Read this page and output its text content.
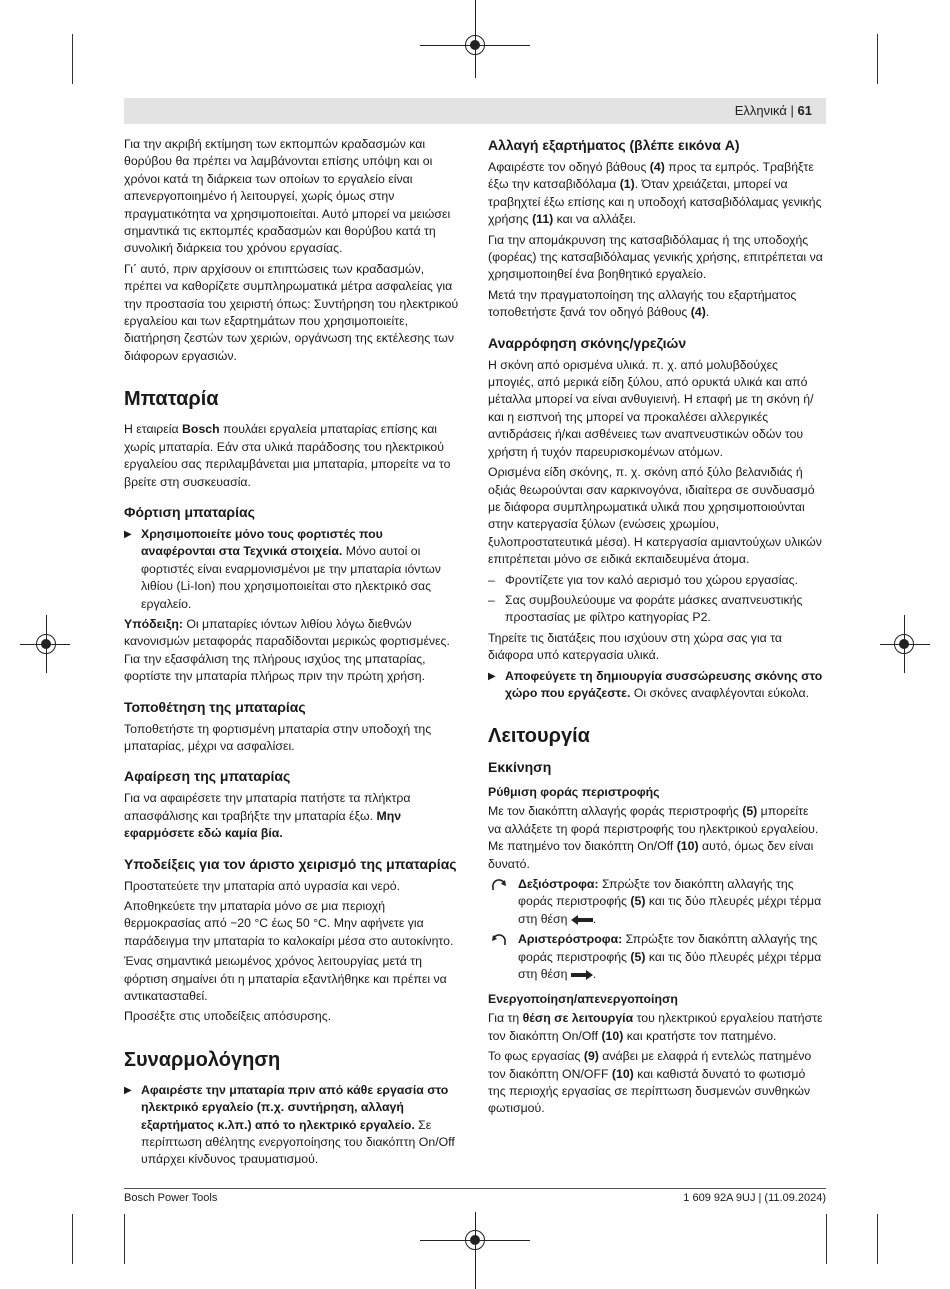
Ελληνικά | 61

Για την ακριβή εκτίμηση των εκπομπών κραδασμών και θορύβου θα πρέπει να λαμβάνονται επίσης υπόψη και οι χρόνοι κατά τη διάρκεια των οποίων το εργαλείο είναι απενεργοποιημένο ή λειτουργεί, χωρίς όμως στην πραγματικότητα να χρησιμοποιείται. Αυτό μπορεί να μειώσει σημαντικά τις εκπομπές κραδασμών και θορύβου κατά τη συνολική διάρκεια του χρόνου εργασίας.

Γι΄ αυτό, πριν αρχίσουν οι επιπτώσεις των κραδασμών, πρέπει να καθορίζετε συμπληρωματικά μέτρα ασφαλείας για την προστασία του χειριστή όπως: Συντήρηση του ηλεκτρικού εργαλείου και των εξαρτημάτων που χρησιμοποιείτε, διατήρηση ζεστών των χεριών, οργάνωση της εκτέλεσης των διάφορων εργασιών.

Μπαταρία

Η εταιρεία Bosch πουλάει εργαλεία μπαταρίας επίσης και χωρίς μπαταρία. Εάν στα υλικά παράδοσης του ηλεκτρικού εργαλείου σας περιλαμβάνεται μια μπαταρία, μπορείτε να το βρείτε στη συσκευασία.

Φόρτιση μπαταρίας

▶ Χρησιμοποιείτε μόνο τους φορτιστές που αναφέρονται στα Τεχνικά στοιχεία. Μόνο αυτοί οι φορτιστές είναι εναρμονισμένοι με την μπαταρία ιόντων λιθίου (Li-Ion) που χρησιμοποιείται στο ηλεκτρικό σας εργαλείο.

Υπόδειξη: Οι μπαταρίες ιόντων λιθίου λόγω διεθνών κανονισμών μεταφοράς παραδίδονται μερικώς φορτισμένες. Για την εξασφάλιση της πλήρους ισχύος της μπαταρίας, φορτίστε την μπαταρία πλήρως πριν την πρώτη χρήση.

Τοποθέτηση της μπαταρίας

Τοποθετήστε τη φορτισμένη μπαταρία στην υποδοχή της μπαταρίας, μέχρι να ασφαλίσει.

Αφαίρεση της μπαταρίας

Για να αφαιρέσετε την μπαταρία πατήστε τα πλήκτρα απασφάλισης και τραβήξτε την μπαταρία έξω. Μην εφαρμόσετε εδώ καμία βία.

Υποδείξεις για τον άριστο χειρισμό της μπαταρίας

Προστατεύετε την μπαταρία από υγρασία και νερό.

Αποθηκεύετε την μπαταρία μόνο σε μια περιοχή θερμοκρασίας από −20 °C έως 50 °C. Μην αφήνετε για παράδειγμα την μπαταρία το καλοκαίρι μέσα στο αυτοκίνητο.

Ένας σημαντικά μειωμένος χρόνος λειτουργίας μετά τη φόρτιση σημαίνει ότι η μπαταρία εξαντλήθηκε και πρέπει να αντικατασταθεί.

Προσέξτε στις υποδείξεις απόσυρσης.

Συναρμολόγηση

▶ Αφαιρέστε την μπαταρία πριν από κάθε εργασία στο ηλεκτρικό εργαλείο (π.χ. συντήρηση, αλλαγή εξαρτήματος κ.λπ.) από το ηλεκτρικό εργαλείο. Σε περίπτωση αθέλητης ενεργοποίησης του διακόπτη On/Off υπάρχει κίνδυνος τραυματισμού.

Αλλαγή εξαρτήματος (βλέπε εικόνα A)

Αφαιρέστε τον οδηγό βάθους (4) προς τα εμπρός. Τραβήξτε έξω την κατσαβιδόλαμα (1). Όταν χρειάζεται, μπορεί να τραβηχτεί έξω επίσης και η υποδοχή κατσαβιδόλαμας γενικής χρήσης (11) και να αλλάξει.

Για την απομάκρυνση της κατσαβιδόλαμας ή της υποδοχής (φορέας) της κατσαβιδόλαμας γενικής χρήσης, επιτρέπεται να χρησιμοποιηθεί ένα βοηθητικό εργαλείο.

Μετά την πραγματοποίηση της αλλαγής του εξαρτήματος τοποθετήστε ξανά τον οδηγό βάθους (4).

Αναρρόφηση σκόνης/γρεζιών

Η σκόνη από ορισμένα υλικά. π. χ. από μολυβδούχες μπογιές, από μερικά είδη ξύλου, από ορυκτά υλικά και από μέταλλα μπορεί να είναι ανθυγιεινή. Η επαφή με τη σκόνη ή/και η εισπνοή της μπορεί να προκαλέσει αλλεργικές αντιδράσεις ή/και ασθένειες των αναπνευστικών οδών του χρήστη ή τυχόν παρευρισκομένων ατόμων.

Ορισμένα είδη σκόνης, π. χ. σκόνη από ξύλο βελανιδιάς ή οξιάς θεωρούνται σαν καρκινογόνα, ιδιαίτερα σε συνδυασμό με διάφορα συμπληρωματικά υλικά που χρησιμοποιούνται στην κατεργασία ξύλων (ενώσεις χρωμίου, ξυλοπροστατευτικά μέσα). Η κατεργασία αμιαντούχων υλικών επιτρέπεται μόνο σε ειδικά εκπαιδευμένα άτομα.

– Φροντίζετε για τον καλό αερισμό του χώρου εργασίας.

– Σας συμβουλεύουμε να φοράτε μάσκες αναπνευστικής προστασίας με φίλτρο κατηγορίας P2.

Τηρείτε τις διατάξεις που ισχύουν στη χώρα σας για τα διάφορα υπό κατεργασία υλικά.

▶ Αποφεύγετε τη δημιουργία συσσώρευσης σκόνης στο χώρο που εργάζεστε. Οι σκόνες αναφλέγονται εύκολα.

Λειτουργία
Εκκίνηση
Ρύθμιση φοράς περιστροφής

Με τον διακόπτη αλλαγής φοράς περιστροφής (5) μπορείτε να αλλάξετε τη φορά περιστροφής του ηλεκτρικού εργαλείου. Με πατημένο τον διακόπτη On/Off (10) αυτό, όμως δεν είναι δυνατό.

Δεξιόστροφα: Σπρώξτε τον διακόπτη αλλαγής της φοράς περιστροφής (5) και τις δύο πλευρές μέχρι τέρμα στη θέση .

Αριστερόστροφα: Σπρώξτε τον διακόπτη αλλαγής της φοράς περιστροφής (5) και τις δύο πλευρές μέχρι τέρμα στη θέση .

Ενεργοποίηση/απενεργοποίηση

Για τη θέση σε λειτουργία του ηλεκτρικού εργαλείου πατήστε τον διακόπτη On/Off (10) και κρατήστε τον πατημένο.

Το φως εργασίας (9) ανάβει με ελαφρά ή εντελώς πατημένο τον διακόπτη ON/OFF (10) και καθιστά δυνατό το φωτισμό της περιοχής εργασίας σε περίπτωση δυσμενών συνθηκών φωτισμού.

Bosch Power Tools	1 609 92A 9UJ | (11.09.2024)
